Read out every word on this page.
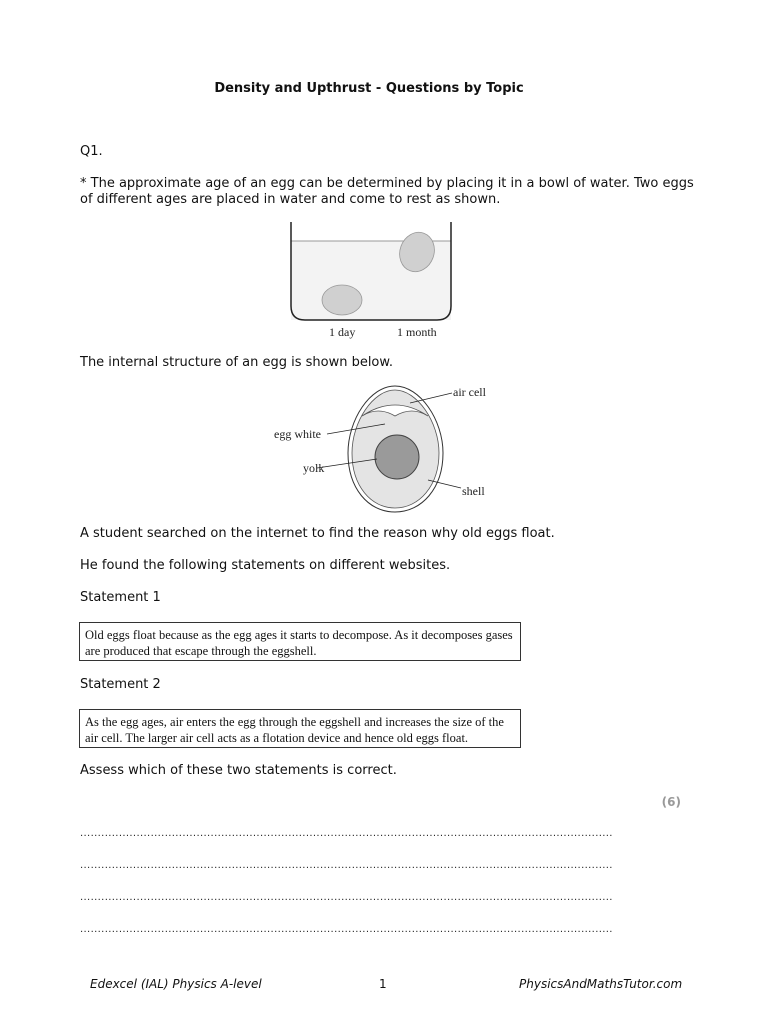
Density and Upthrust - Questions by Topic
Q1.
* The approximate age of an egg can be determined by placing it in a bowl of water. Two eggs of different ages are placed in water and come to rest as shown.
1 day	1 month
The internal structure of an egg is shown below.
air cell
egg white
yolk
shell
A student searched on the internet to find the reason why old eggs float.
He found the following statements on different websites.
Statement 1
Old eggs float because as the egg ages it starts to decompose. As it decomposes gases are produced that escape through the eggshell.
Statement 2
As the egg ages, air enters the egg through the eggshell and increases the size of the air cell. The larger air cell acts as a flotation device and hence old eggs float.
Assess which of these two statements is correct.
(6)
.......................................................................................................................................................
.......................................................................................................................................................
.......................................................................................................................................................
.......................................................................................................................................................
Edexcel (IAL) Physics A-level	1	PhysicsAndMathsTutor.com
